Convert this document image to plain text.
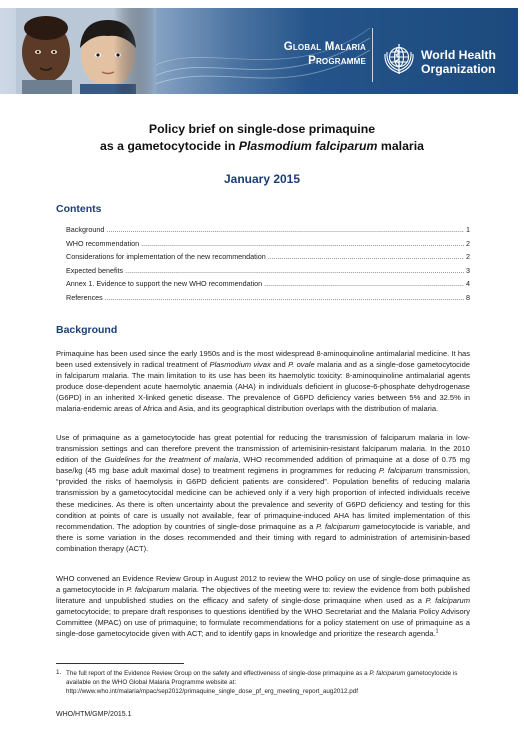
Global Malaria
Programme	World Health
Organization
Policy brief on single-dose primaquine
as a gametocytocide in Plasmodium falciparum malaria
January 2015
Contents
Background .....	1
WHO recommendation .....	2
Considerations for implementation of the new recommendation .....	2
Expected benefits .....	3
Annex 1. Evidence to support the new WHO recommendation .....	4
References .....	8
Background
Primaquine has been used since the early 1950s and is the most widespread 8-aminoquinoline antimalarial medicine. It has been used extensively in radical treatment of Plasmodium vivax and P. ovale malaria and as a single-dose gametocytocide in falciparum malaria. The main limitation to its use has been its haemolytic toxicity: 8-aminoquinoline antimalarial agents produce dose-dependent acute haemolytic anaemia (AHA) in individuals deficient in glucose-6-phosphate dehydrogenase (G6PD) in an inherited X-linked genetic disease. The prevalence of G6PD deficiency varies between 5% and 32.5% in malaria-endemic areas of Africa and Asia, and its geographical distribution overlaps with the distribution of malaria.
Use of primaquine as a gametocytocide has great potential for reducing the transmission of falciparum malaria in low-transmission settings and can therefore prevent the transmission of artemisinin-resistant falciparum malaria. In the 2010 edition of the Guidelines for the treatment of malaria, WHO recommended addition of primaquine at a dose of 0.75 mg base/kg (45 mg base adult maximal dose) to treatment regimens in programmes for reducing P. falciparum transmission, “provided the risks of haemolysis in G6PD deficient patients are considered”. Population benefits of reducing malaria transmission by a gametocytocidal medicine can be achieved only if a very high proportion of infected individuals receive these medicines. As there is often uncertainty about the prevalence and severity of G6PD deficiency and testing for this condition at points of care is usually not available, fear of primaquine-induced AHA has limited implementation of this recommendation. The adoption by countries of single-dose primaquine as a P. falciparum gametocytocide is variable, and there is some variation in the doses recommended and their timing with regard to administration of artemisinin-based combination therapy (ACT).
WHO convened an Evidence Review Group in August 2012 to review the WHO policy on use of single-dose primaquine as a gametocytocide in P. falciparum malaria. The objectives of the meeting were to: review the evidence from both published literature and unpublished studies on the efficacy and safety of single-dose primaquine when used as a P. falciparum gametocytocide; to prepare draft responses to questions identified by the WHO Secretariat and the Malaria Policy Advisory Committee (MPAC) on use of primaquine; to formulate recommendations for a policy statement on use of primaquine as a single-dose gametocytocide given with ACT; and to identify gaps in knowledge and prioritize the research agenda.$^1$
1. The full report of the Evidence Review Group on the safety and effectiveness of single-dose primaquine as a P. falciparum gametocytocide is available on the WHO Global Malaria Programme website at:
http://www.who.int/malaria/mpac/sep2012/primaquine_single_dose_pf_erg_meeting_report_aug2012.pdf
WHO/HTM/GMP/2015.1
